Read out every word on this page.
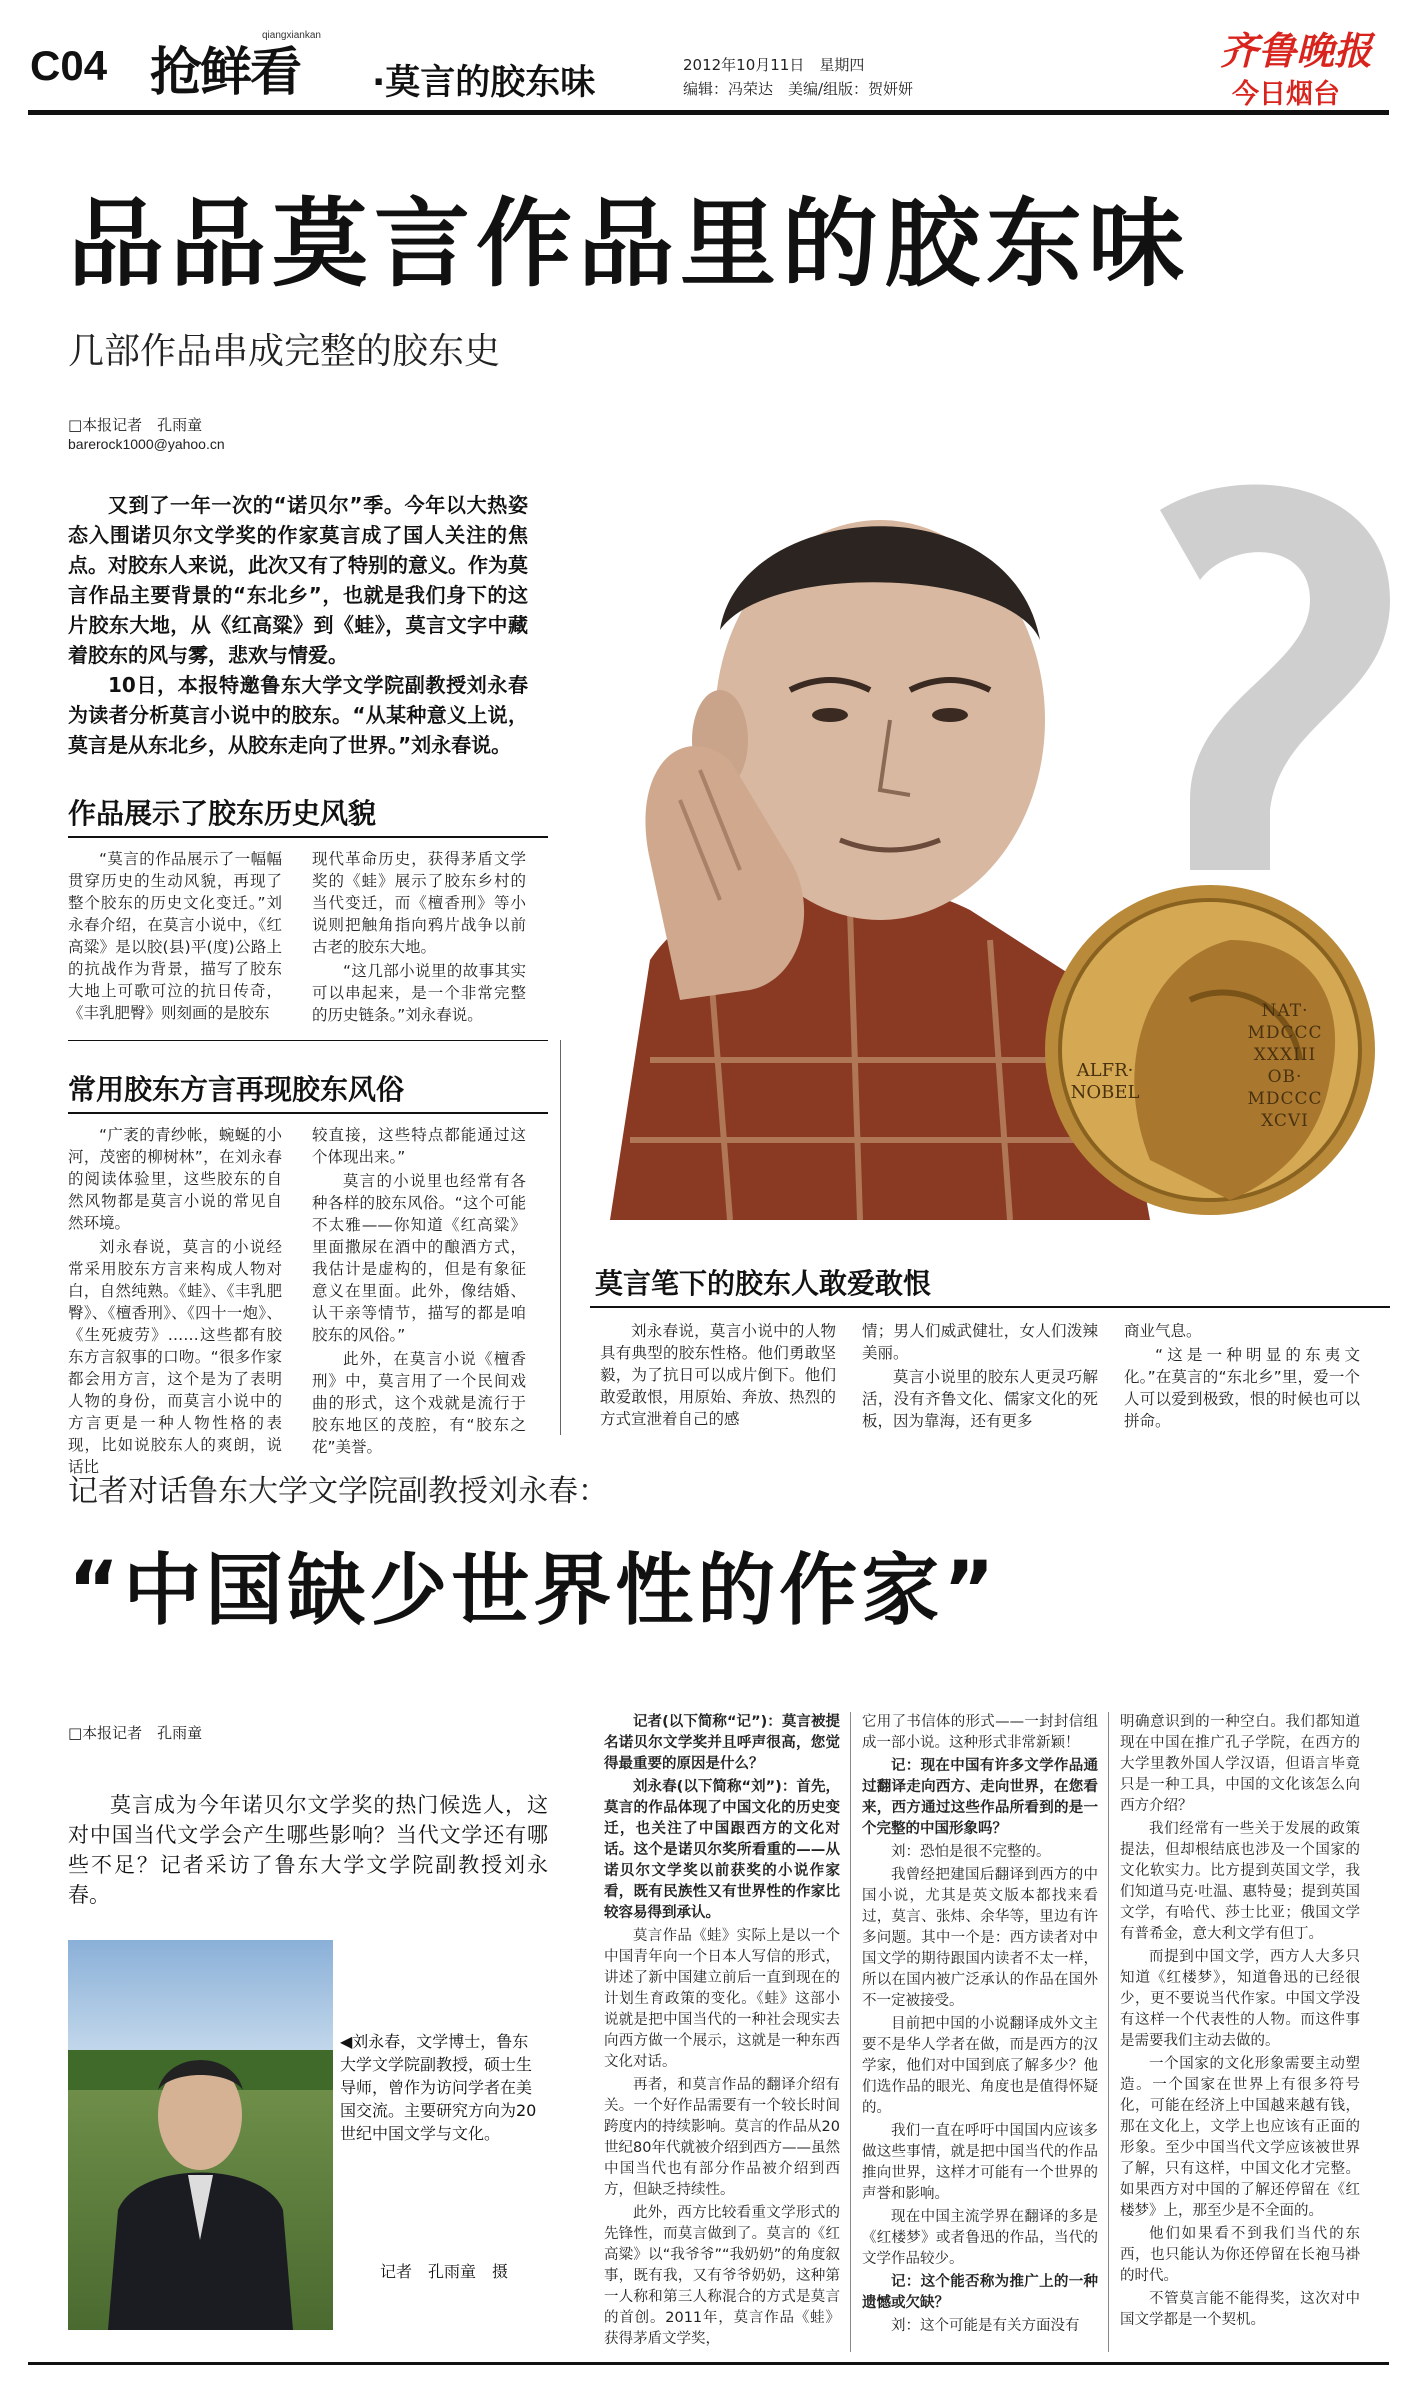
C04 抢鲜看
qiangxiankan
·莫言的胶东味	2012年10月11日　星期四
编辑：冯荣达　美编/组版：贺妍妍
齐鲁晚报
今日烟台
品品莫言作品里的胶东味
几部作品串成完整的胶东史
□本报记者　孔雨童
barerock1000@yahoo.cn

又到了一年一次的“诺贝尔”季。今年以大热姿态入围诺贝尔文学奖的作家莫言成了国人关注的焦点。对胶东人来说，此次又有了特别的意义。作为莫言作品主要背景的“东北乡”，也就是我们身下的这片胶东大地，从《红高粱》到《蛙》，莫言文字中藏着胶东的风与雾，悲欢与情爱。

10日，本报特邀鲁东大学文学院副教授刘永春为读者分析莫言小说中的胶东。“从某种意义上说，莫言是从东北乡，从胶东走向了世界。”刘永春说。

NAT· MDCCC XXXIII OB· MDCCC XCVI
ALFR· NOBEL
作品展示了胶东历史风貌

“莫言的作品展示了一幅幅贯穿历史的生动风貌，再现了整个胶东的历史文化变迁。”刘永春介绍，在莫言小说中，《红高粱》是以胶(县)平(度)公路上的抗战作为背景，描写了胶东大地上可歌可泣的抗日传奇，《丰乳肥臀》则刻画的是胶东

现代革命历史，获得茅盾文学奖的《蛙》展示了胶东乡村的当代变迁，而《檀香刑》等小说则把触角指向鸦片战争以前古老的胶东大地。

“这几部小说里的故事其实可以串起来，是一个非常完整的历史链条。”刘永春说。

常用胶东方言再现胶东风俗

“广袤的青纱帐，蜿蜒的小河，茂密的柳树林”，在刘永春的阅读体验里，这些胶东的自然风物都是莫言小说的常见自然环境。

刘永春说，莫言的小说经常采用胶东方言来构成人物对白，自然纯熟。《蛙》、《丰乳肥臀》、《檀香刑》、《四十一炮》、《生死疲劳》……这些都有胶东方言叙事的口吻。“很多作家都会用方言，这个是为了表明人物的身份，而莫言小说中的方言更是一种人物性格的表现，比如说胶东人的爽朗，说话比

较直接，这些特点都能通过这个体现出来。”

莫言的小说里也经常有各种各样的胶东风俗。“这个可能不太雅——你知道《红高粱》里面撒尿在酒中的酿酒方式，我估计是虚构的，但是有象征意义在里面。此外，像结婚、认干亲等情节，描写的都是咱胶东的风俗。”

此外，在莫言小说《檀香刑》中，莫言用了一个民间戏曲的形式，这个戏就是流行于胶东地区的茂腔，有“胶东之花”美誉。

莫言笔下的胶东人敢爱敢恨

刘永春说，莫言小说中的人物具有典型的胶东性格。他们勇敢坚毅，为了抗日可以成片倒下。他们敢爱敢恨，用原始、奔放、热烈的方式宣泄着自己的感

情；男人们威武健壮，女人们泼辣美丽。

莫言小说里的胶东人更灵巧解活，没有齐鲁文化、儒家文化的死板，因为靠海，还有更多

商业气息。

“这是一种明显的东夷文化。”在莫言的“东北乡”里，爱一个人可以爱到极致，恨的时候也可以拼命。

记者对话鲁东大学文学院副教授刘永春：
“中国缺少世界性的作家”
□本报记者　孔雨童

莫言成为今年诺贝尔文学奖的热门候选人，这对中国当代文学会产生哪些影响？当代文学还有哪些不足？记者采访了鲁东大学文学院副教授刘永春。

◀刘永春，文学博士，鲁东大学文学院副教授，硕士生导师，曾作为访问学者在美国交流。主要研究方向为20世纪中国文学与文化。
记者　孔雨童　摄

记者(以下简称“记”)：莫言被提名诺贝尔文学奖并且呼声很高，您觉得最重要的原因是什么？

刘永春(以下简称“刘”)：首先，莫言的作品体现了中国文化的历史变迁，也关注了中国跟西方的文化对话。这个是诺贝尔奖所看重的——从诺贝尔文学奖以前获奖的小说作家看，既有民族性又有世界性的作家比较容易得到承认。

莫言作品《蛙》实际上是以一个中国青年向一个日本人写信的形式，讲述了新中国建立前后一直到现在的计划生育政策的变化。《蛙》这部小说就是把中国当代的一种社会现实去向西方做一个展示，这就是一种东西文化对话。

再者，和莫言作品的翻译介绍有关。一个好作品需要有一个较长时间跨度内的持续影响。莫言的作品从20世纪80年代就被介绍到西方——虽然中国当代也有部分作品被介绍到西方，但缺乏持续性。

此外，西方比较看重文学形式的先锋性，而莫言做到了。莫言的《红高粱》以“我爷爷”“我奶奶”的角度叙事，既有我，又有爷爷奶奶，这种第一人称和第三人称混合的方式是莫言的首创。2011年，莫言作品《蛙》获得茅盾文学奖，

它用了书信体的形式——一封封信组成一部小说。这种形式非常新颖！

记：现在中国有许多文学作品通过翻译走向西方、走向世界，在您看来，西方通过这些作品所看到的是一个完整的中国形象吗？

刘：恐怕是很不完整的。

我曾经把建国后翻译到西方的中国小说，尤其是英文版本都找来看过，莫言、张炜、余华等，里边有许多问题。其中一个是：西方读者对中国文学的期待跟国内读者不太一样，所以在国内被广泛承认的作品在国外不一定被接受。

目前把中国的小说翻译成外文主要不是华人学者在做，而是西方的汉学家，他们对中国到底了解多少？他们选作品的眼光、角度也是值得怀疑的。

我们一直在呼吁中国国内应该多做这些事情，就是把中国当代的作品推向世界，这样才可能有一个世界的声誉和影响。

现在中国主流学界在翻译的多是《红楼梦》或者鲁迅的作品，当代的文学作品较少。

记：这个能否称为推广上的一种遗憾或欠缺？

刘：这个可能是有关方面没有

明确意识到的一种空白。我们都知道现在中国在推广孔子学院，在西方的大学里教外国人学汉语，但语言毕竟只是一种工具，中国的文化该怎么向西方介绍？

我们经常有一些关于发展的政策提法，但却根结底也涉及一个国家的文化软实力。比方提到英国文学，我们知道马克·吐温、惠特曼；提到英国文学，有哈代、莎士比亚；俄国文学有普希金，意大利文学有但丁。

而提到中国文学，西方人大多只知道《红楼梦》，知道鲁迅的已经很少，更不要说当代作家。中国文学没有这样一个代表性的人物。而这件事是需要我们主动去做的。

一个国家的文化形象需要主动塑造。一个国家在世界上有很多符号化，可能在经济上中国越来越有钱，那在文化上，文学上也应该有正面的形象。至少中国当代文学应该被世界了解，只有这样，中国文化才完整。如果西方对中国的了解还停留在《红楼梦》上，那至少是不全面的。

他们如果看不到我们当代的东西，也只能认为你还停留在长袍马褂的时代。

不管莫言能不能得奖，这次对中国文学都是一个契机。
